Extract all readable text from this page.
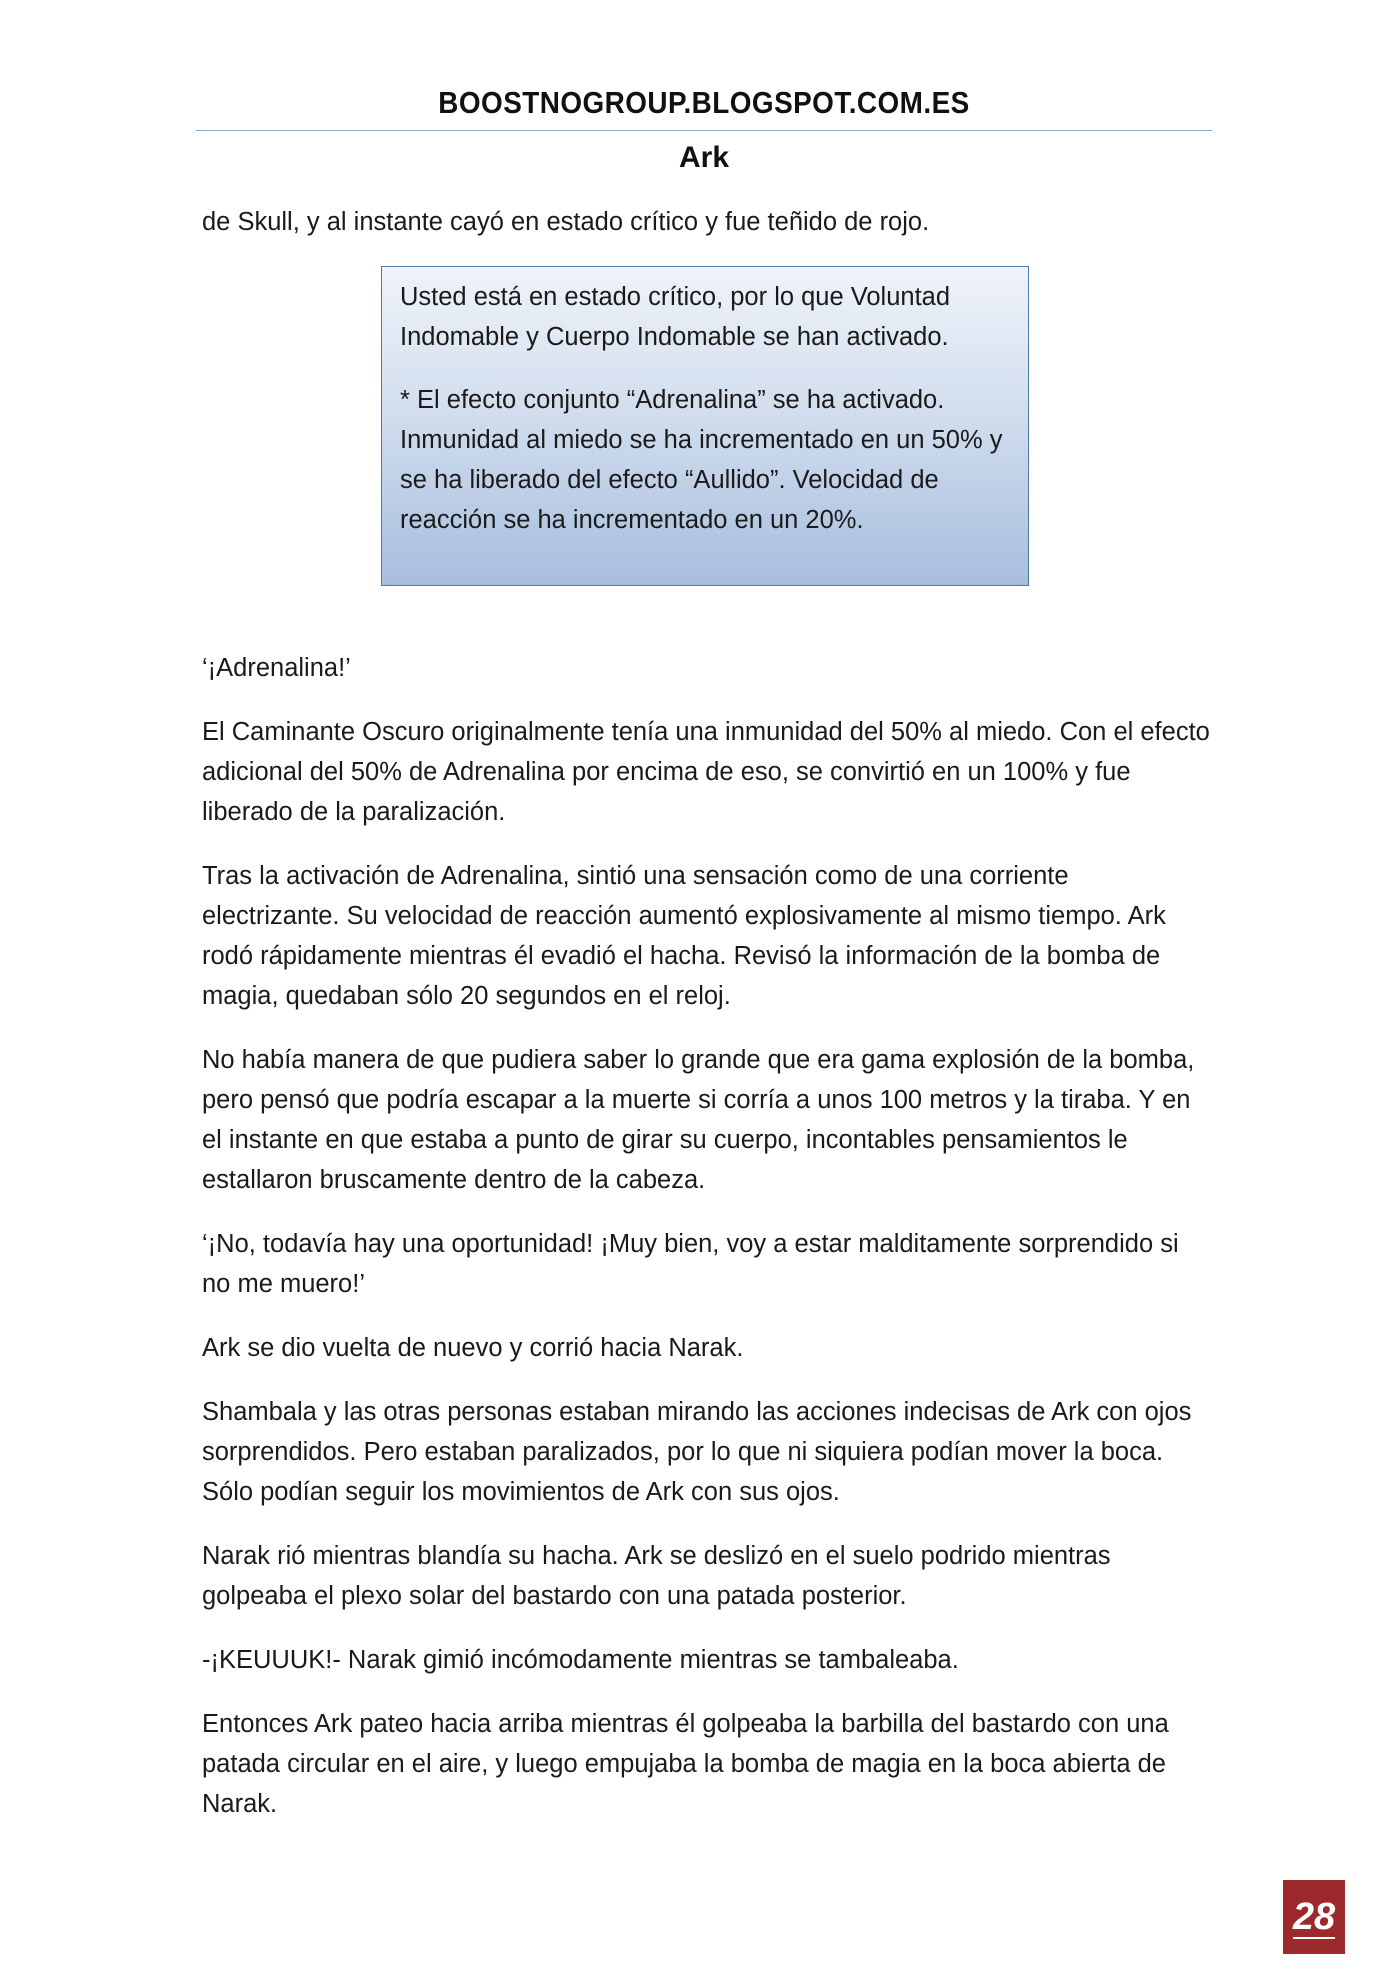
BOOSTNOGROUP.BLOGSPOT.COM.ES
Ark

de Skull, y al instante cayó en estado crítico y fue teñido de rojo.

Usted está en estado crítico, por lo que Voluntad Indomable y Cuerpo Indomable se han activado.

* El efecto conjunto “Adrenalina” se ha activado. Inmunidad al miedo se ha incrementado en un 50% y se ha liberado del efecto “Aullido”. Velocidad de reacción se ha incrementado en un 20%.

‘¡Adrenalina!’

El Caminante Oscuro originalmente tenía una inmunidad del 50% al miedo. Con el efecto adicional del 50% de Adrenalina por encima de eso, se convirtió en un 100% y fue liberado de la paralización.

Tras la activación de Adrenalina, sintió una sensación como de una corriente electrizante. Su velocidad de reacción aumentó explosivamente al mismo tiempo. Ark rodó rápidamente mientras él evadió el hacha. Revisó la información de la bomba de magia, quedaban sólo 20 segundos en el reloj.

No había manera de que pudiera saber lo grande que era gama explosión de la bomba, pero pensó que podría escapar a la muerte si corría a unos 100 metros y la tiraba. Y en el instante en que estaba a punto de girar su cuerpo, incontables pensamientos le estallaron bruscamente dentro de la cabeza.

‘¡No, todavía hay una oportunidad! ¡Muy bien, voy a estar malditamente sorprendido si no me muero!’

Ark se dio vuelta de nuevo y corrió hacia Narak.

Shambala y las otras personas estaban mirando las acciones indecisas de Ark con ojos sorprendidos. Pero estaban paralizados, por lo que ni siquiera podían mover la boca. Sólo podían seguir los movimientos de Ark con sus ojos.

Narak rió mientras blandía su hacha. Ark se deslizó en el suelo podrido mientras golpeaba el plexo solar del bastardo con una patada posterior.

-¡KEUUUK!- Narak gimió incómodamente mientras se tambaleaba.

Entonces Ark pateo hacia arriba mientras él golpeaba la barbilla del bastardo con una patada circular en el aire, y luego empujaba la bomba de magia en la boca abierta de Narak.

28
